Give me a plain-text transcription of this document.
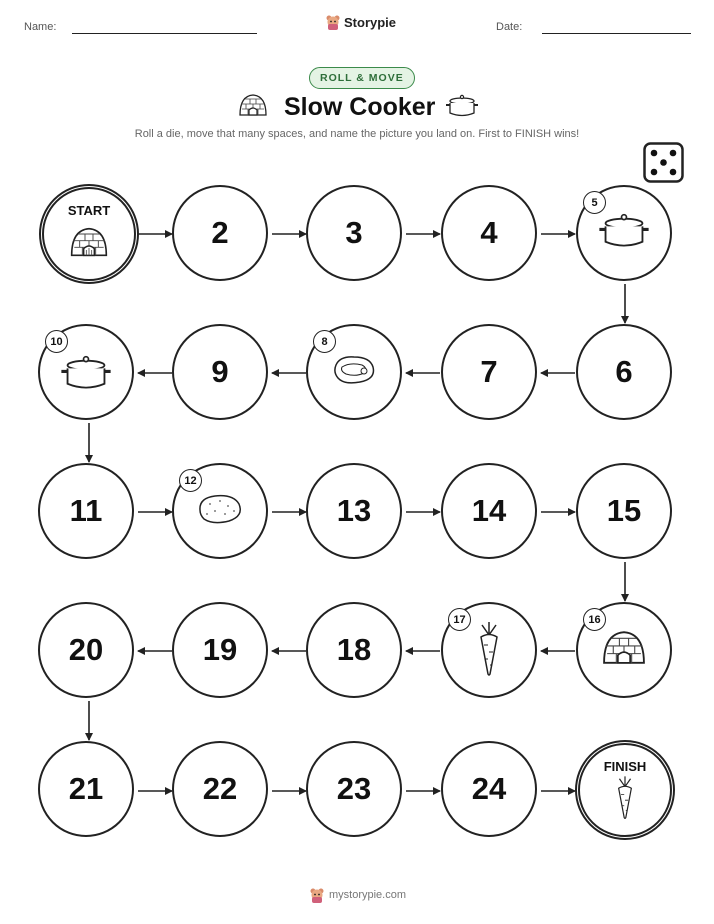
Name:	Storypie	Date:
ROLL & MOVE
Slow Cooker
Roll a die, move that many spaces, and name the picture you land on. First to FINISH wins!
START
2	3	4
5
10
9
8
7	6
11
12
13	14	15
20	19	18
17	16
21	22	23	24
FINISH
mystorypie.com
